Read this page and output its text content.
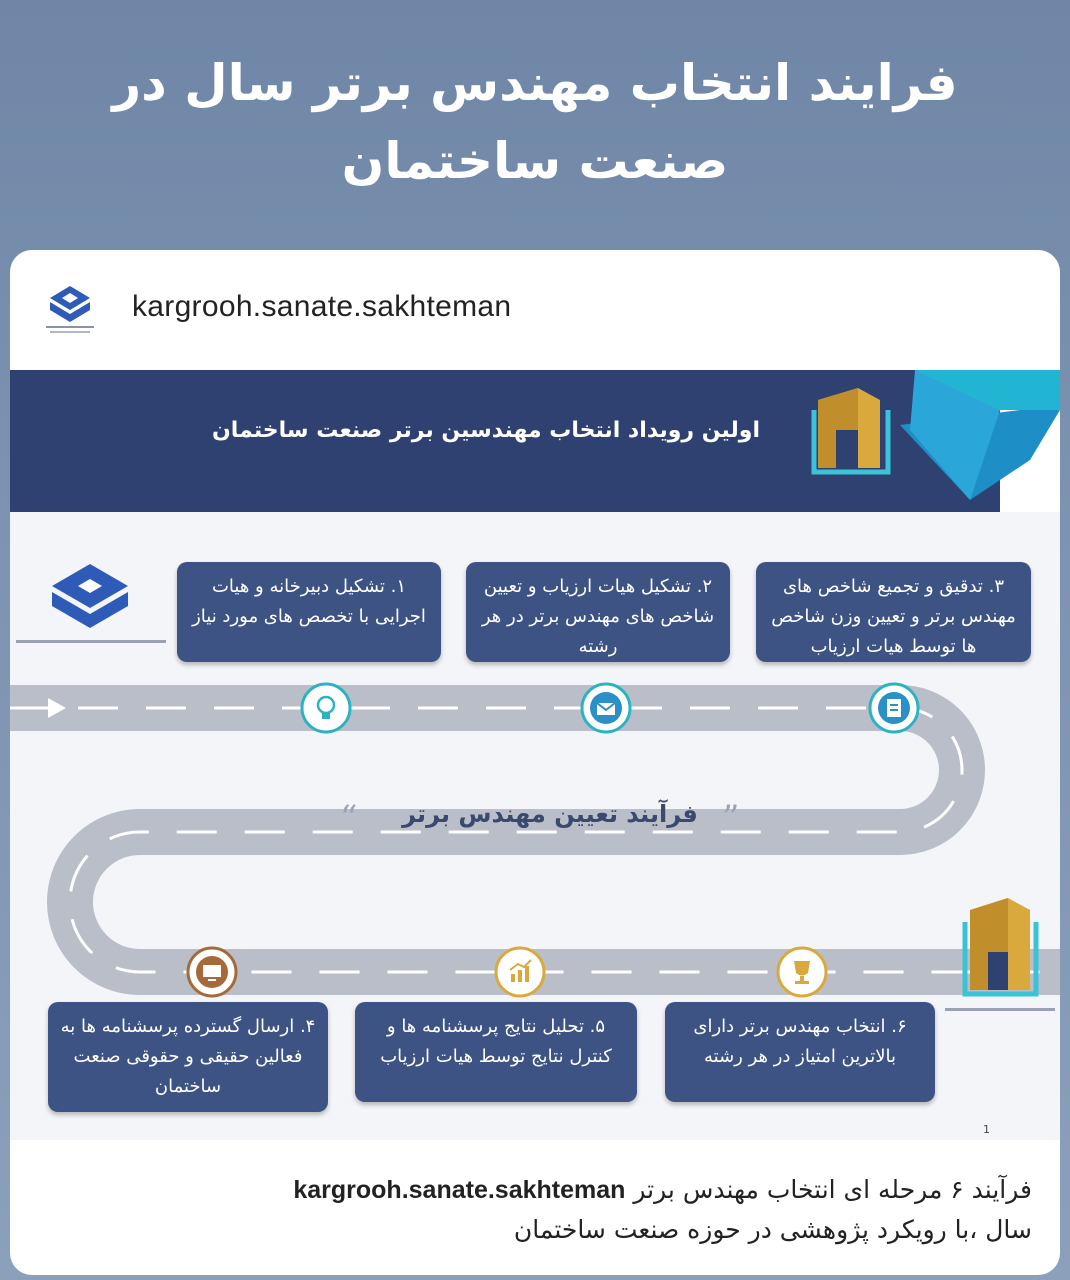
فرایند انتخاب مهندس برتر سال در صنعت ساختمان
kargrooh.sanate.sakhteman
اولین رویداد انتخاب مهندسین برتر صنعت ساختمان
“	فرآیند تعیین مهندس برتر ”
۱. تشکیل دبیرخانه و هیات اجرایی با تخصص های مورد نیاز
۲. تشکیل هیات ارزیاب و تعیین شاخص های مهندس برتر در هر رشته
۳. تدقیق و تجمیع شاخص های مهندس برتر و تعیین وزن شاخص ها توسط هیات ارزیاب
۴. ارسال گسترده پرسشنامه ها به فعالین حقیقی و حقوقی صنعت ساختمان
۵. تحلیل نتایج پرسشنامه ها و کنترل نتایج توسط هیات ارزیاب
۶. انتخاب مهندس برتر دارای بالاترین امتیاز در هر رشته
1
فرآیند ۶ مرحله ای انتخاب مهندس برتر kargrooh.sanate.sakhteman
سال ،با رویکرد پژوهشی در حوزه صنعت ساختمان
